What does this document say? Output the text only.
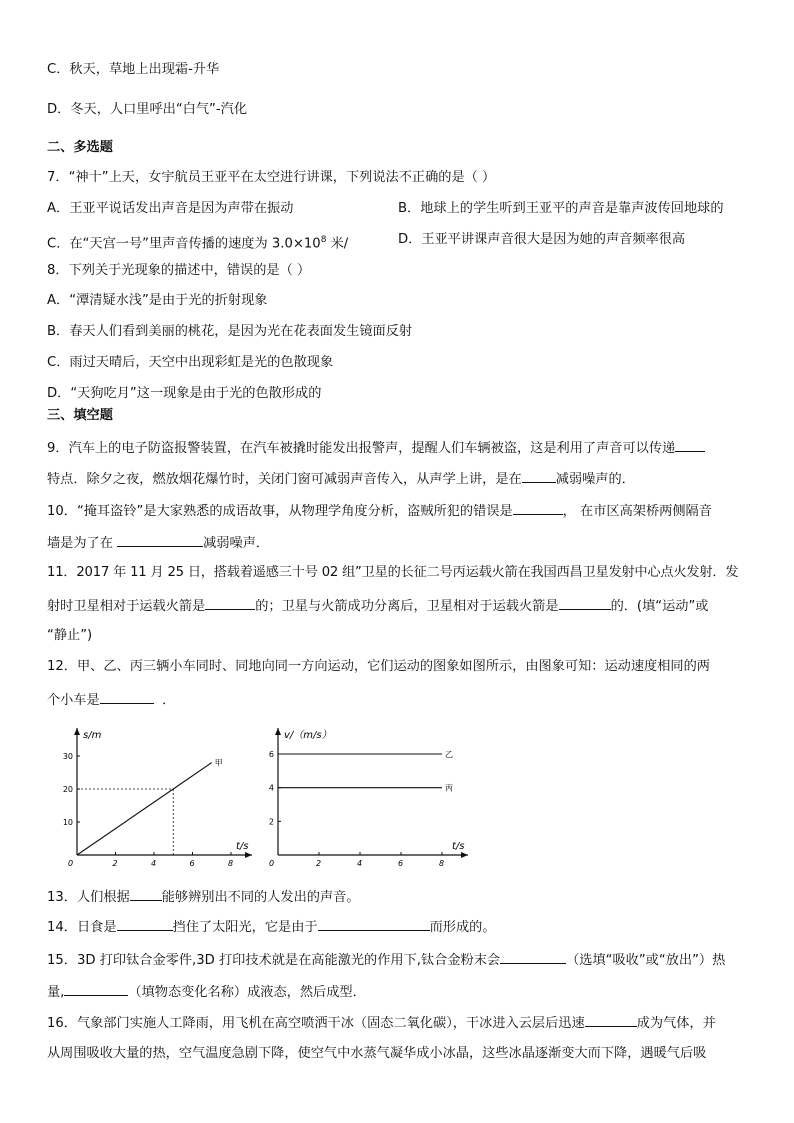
C．秋天，草地上出现霜-升华
D．冬天，人口里呼出“白气”-汽化
二、多选题
7．“神十”上天，女宇航员王亚平在太空进行讲课，下列说法不正确的是（ ）
A．王亚平说话发出声音是因为声带在振动	B．地球上的学生听到王亚平的声音是靠声波传回地球的
C．在“天宫一号”里声音传播的速度为 $3.0\times 10^8$ 米/	D．王亚平讲课声音很大是因为她的声音频率很高
8．下列关于光现象的描述中，错误的是（ ）
A．“潭清疑水浅”是由于光的折射现象
B．春天人们看到美丽的桃花，是因为光在花表面发生镜面反射
C．雨过天晴后，天空中出现彩虹是光的色散现象
D．“天狗吃月”这一现象是由于光的色散形成的
三、填空题
9．汽车上的电子防盗报警装置，在汽车被撬时能发出报警声，提醒人们车辆被盗，这是利用了声音可以传递
特点．除夕之夜，燃放烟花爆竹时，关闭门窗可减弱声音传入，从声学上讲，是在	减弱噪声的．
10．“掩耳盗铃”是大家熟悉的成语故事，从物理学角度分析，盗贼所犯的错误是	， 在市区高架桥两侧隔音
墙是为了在	减弱噪声．
11．2017 年 11 月 25 日，搭载着遥感三十号 02 组”卫星的长征二号丙运载火箭在我国西昌卫星发射中心点火发射．发
射时卫星相对于运载火箭是	的；卫星与火箭成功分离后，卫星相对于运载火箭是	的．(填“运动”或
“静止”)
12．甲、乙、丙三辆小车同时、同地向同一方向运动，它们运动的图象如图所示，由图象可知：运动速度相同的两
个小车是	．
t/s
s/m
0	2	4	6	8
10
20
30
甲
t/s
v/（m/s）
0	2	4	6	8
2
4
6	乙
丙
13．人们根据 能够辨别出不同的人发出的声音。
14．日食是	挡住了太阳光，它是由于	而形成的。
15．3D 打印钛合金零件,3D 打印技术就是在高能激光的作用下,钛合金粉末会	（选填“吸收”或“放出”）热
量,	（填物态变化名称）成液态，然后成型．
16．气象部门实施人工降雨，用飞机在高空喷洒干冰（固态二氧化碳），干冰进入云层后迅速	成为气体，并
从周围吸收大量的热，空气温度急剧下降，使空气中水蒸气凝华成小冰晶，这些冰晶逐渐变大而下降，遇暖气后吸
